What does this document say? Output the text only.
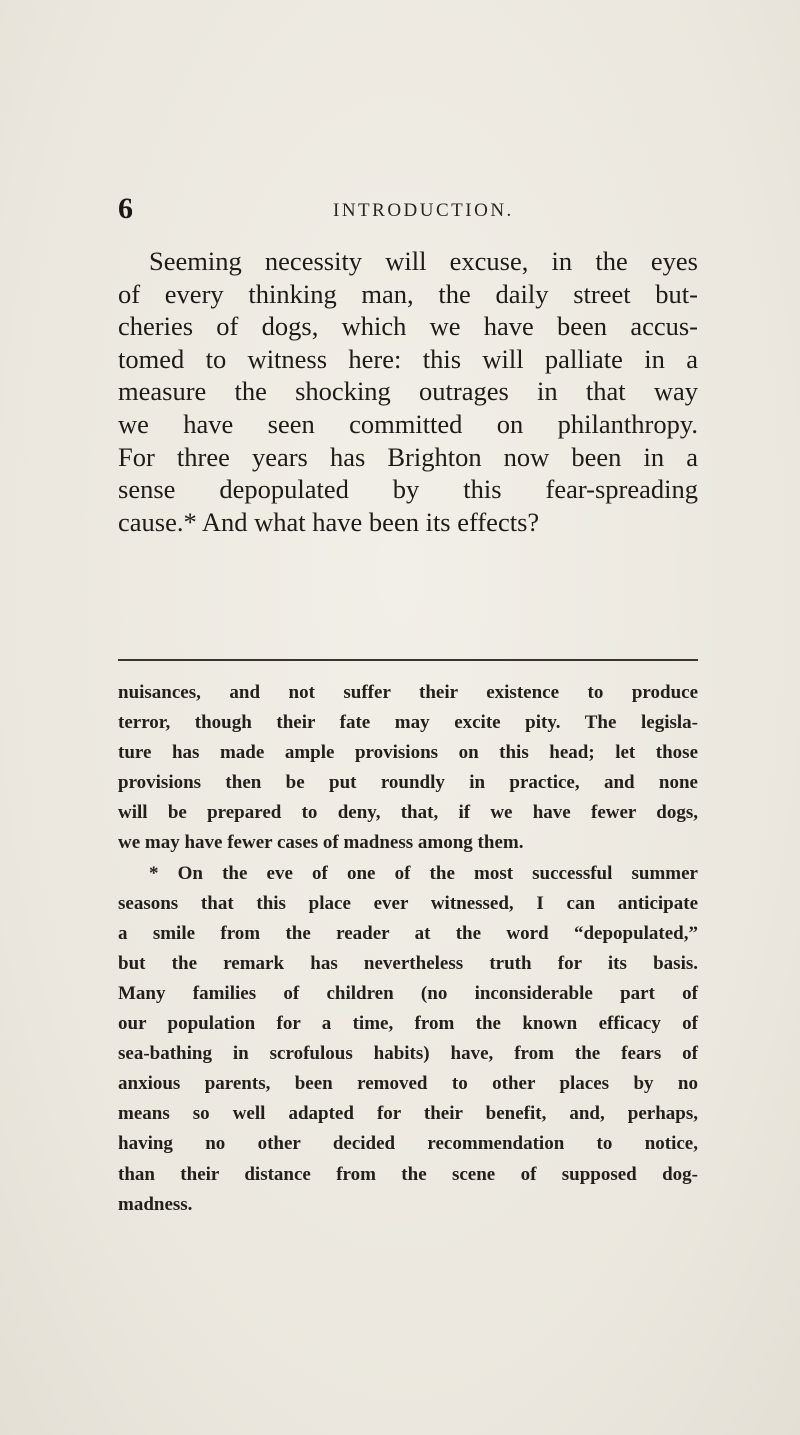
6	INTRODUCTION.
Seeming necessity will excuse, in the eyes
of every thinking man, the daily street but-
cheries of dogs, which we have been accus-
tomed to witness here: this will palliate in a
measure the shocking outrages in that way
we have seen committed on philanthropy.
For three years has Brighton now been in a
sense depopulated by this fear-spreading
cause.* And what have been its effects?
nuisances, and not suffer their existence to produce
terror, though their fate may excite pity. The legisla-
ture has made ample provisions on this head; let those
provisions then be put roundly in practice, and none
will be prepared to deny, that, if we have fewer dogs,
we may have fewer cases of madness among them.
* On the eve of one of the most successful summer
seasons that this place ever witnessed, I can anticipate
a smile from the reader at the word “depopulated,”
but the remark has nevertheless truth for its basis.
Many families of children (no inconsiderable part of
our population for a time, from the known efficacy of
sea-bathing in scrofulous habits) have, from the fears of
anxious parents, been removed to other places by no
means so well adapted for their benefit, and, perhaps,
having no other decided recommendation to notice,
than their distance from the scene of supposed dog-
madness.
